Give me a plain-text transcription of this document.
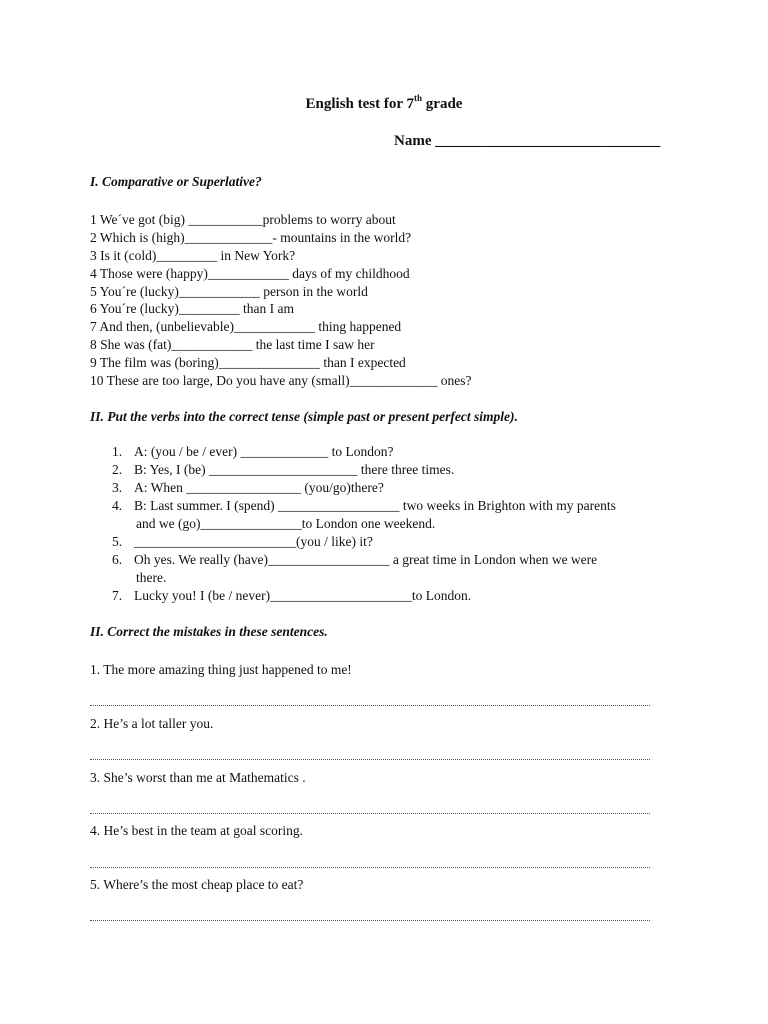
English test for 7th grade
Name ______________________________
I. Comparative or Superlative?
1 We´ve got (big) ___________problems to worry about
2 Which is (high)_____________- mountains in the world?
3 Is it (cold)_________ in New York?
4 Those were (happy)____________ days of my childhood
5 You´re (lucky)____________ person in the world
6 You´re (lucky)_________ than I am
7 And then, (unbelievable)____________ thing happened
8 She was (fat)____________ the last time I saw her
9 The film was (boring)_______________ than I expected
10 These are too large, Do you have any (small)_____________ ones?
II. Put the verbs into the correct tense (simple past or present perfect simple).
1. A: (you / be / ever) _____________ to London?
2. B: Yes, I (be) ______________________ there three times.
3. A: When _________________ (you/go)there?
4. B: Last summer. I (spend) __________________ two weeks in Brighton with my parents
and we (go)_______________to London one weekend.
5. ________________________(you / like) it?
6. Oh yes. We really (have)__________________ a great time in London when we were
there.
7. Lucky you! I (be / never)_____________________to London.
II. Correct the mistakes in these sentences.
1. The more amazing thing just happened to me!
2. He’s a lot taller you.
3. She’s worst than me at Mathematics .
4. He’s best in the team at goal scoring.
5. Where’s the most cheap place to eat?
